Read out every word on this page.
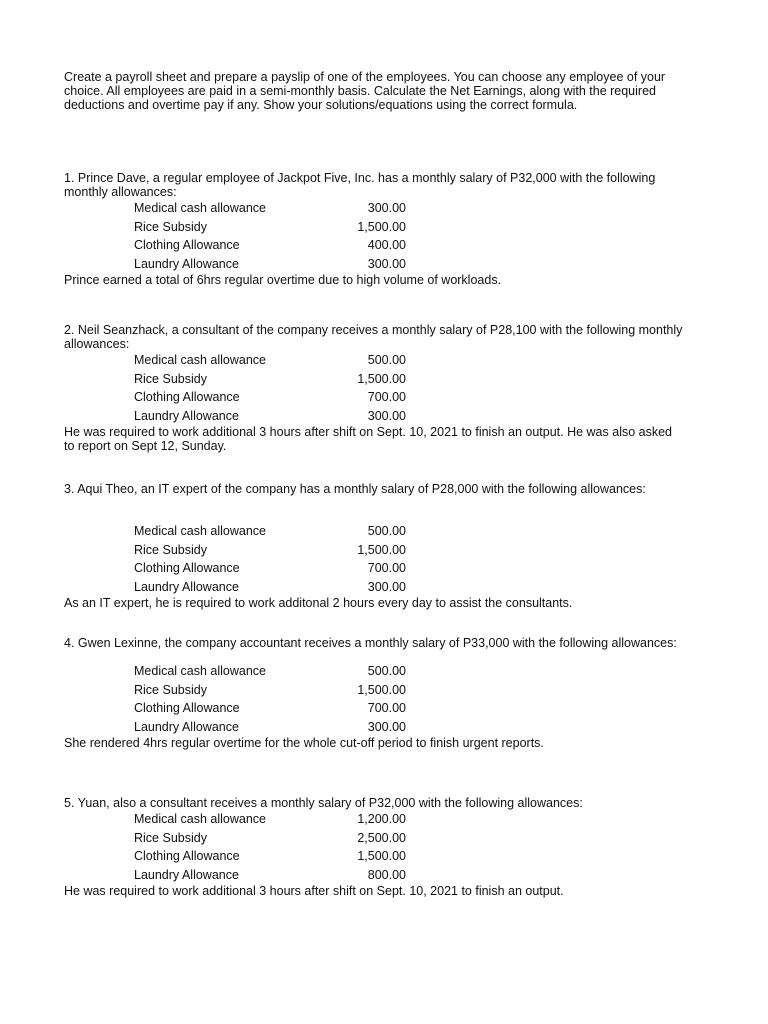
Create a payroll sheet and prepare a payslip of one of the employees. You can choose any employee of your choice. All employees are paid in a semi-monthly basis. Calculate the Net Earnings, along with the required deductions and overtime pay if any. Show your solutions/equations using the correct formula.

1. Prince Dave, a regular employee of Jackpot Five, Inc. has a monthly salary of P32,000 with the following monthly allowances:

Medical cash allowance	300.00
Rice Subsidy	1,500.00
Clothing Allowance	400.00
Laundry Allowance	300.00

Prince earned a total of 6hrs regular overtime due to high volume of workloads.

2. Neil Seanzhack, a consultant of the company receives a monthly salary of P28,100 with the following monthly allowances:

Medical cash allowance	500.00
Rice Subsidy	1,500.00
Clothing Allowance	700.00
Laundry Allowance	300.00

He was required to work additional 3 hours after shift on Sept. 10, 2021 to finish an output. He was also asked to report on Sept 12, Sunday.

3. Aqui Theo, an IT expert of the company has a monthly salary of P28,000 with the following allowances:

Medical cash allowance	500.00
Rice Subsidy	1,500.00
Clothing Allowance	700.00
Laundry Allowance	300.00

As an IT expert, he is required to work additonal 2 hours every day to assist the consultants.

4. Gwen Lexinne, the company accountant receives a monthly salary of P33,000 with the following allowances:

Medical cash allowance	500.00
Rice Subsidy	1,500.00
Clothing Allowance	700.00
Laundry Allowance	300.00

She rendered 4hrs regular overtime for the whole cut-off period to finish urgent reports.

5. Yuan, also a consultant receives a monthly salary of P32,000 with the following allowances:

Medical cash allowance	1,200.00
Rice Subsidy	2,500.00
Clothing Allowance	1,500.00
Laundry Allowance	800.00

He was required to work additional 3 hours after shift on Sept. 10, 2021 to finish an output.
